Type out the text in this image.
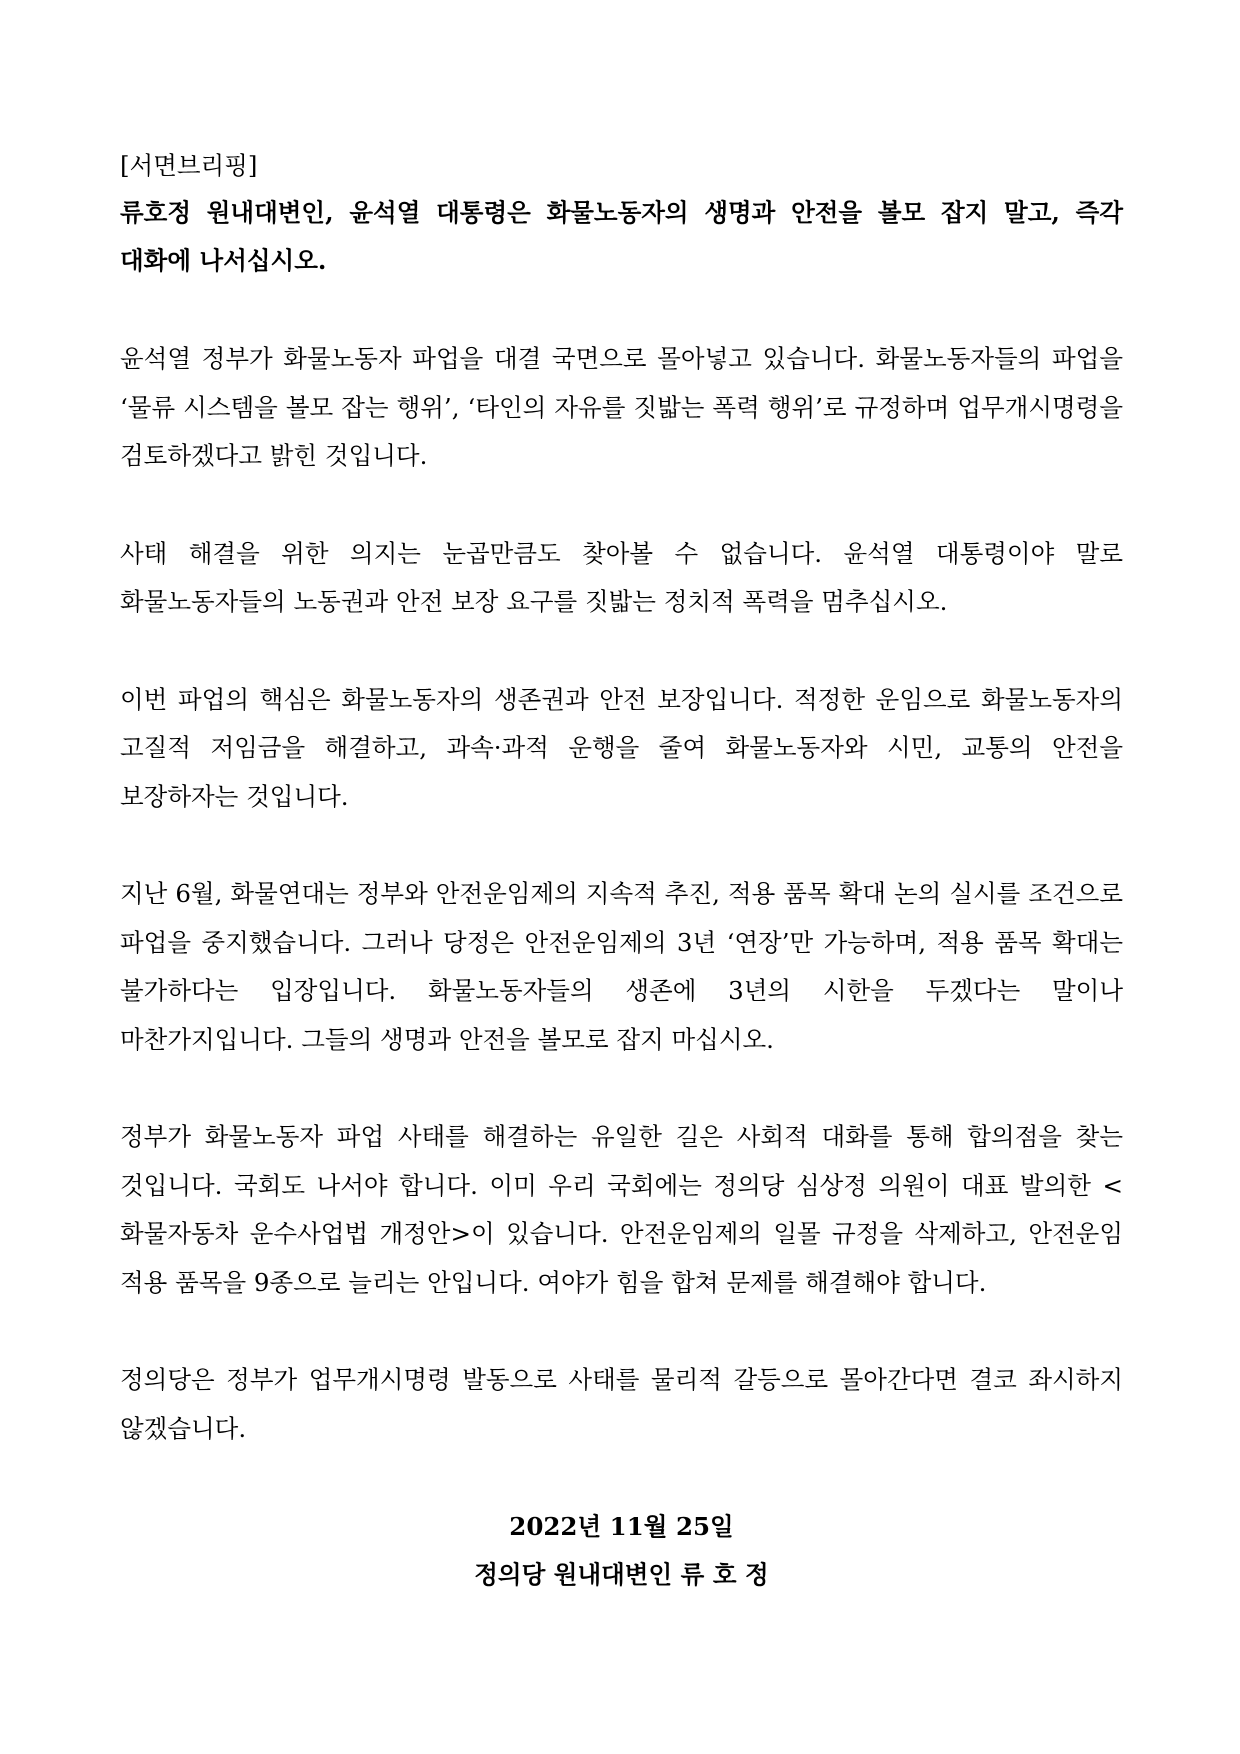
[서면브리핑]

류호정 원내대변인, 윤석열 대통령은 화물노동자의 생명과 안전을 볼모 잡지 말고, 즉각 대화에 나서십시오.

윤석열 정부가 화물노동자 파업을 대결 국면으로 몰아넣고 있습니다. 화물노동자들의 파업을 ‘물류 시스템을 볼모 잡는 행위’, ‘타인의 자유를 짓밟는 폭력 행위’로 규정하며 업무개시명령을 검토하겠다고 밝힌 것입니다.

사태 해결을 위한 의지는 눈곱만큼도 찾아볼 수 없습니다. 윤석열 대통령이야 말로 화물노동자들의 노동권과 안전 보장 요구를 짓밟는 정치적 폭력을 멈추십시오.

이번 파업의 핵심은 화물노동자의 생존권과 안전 보장입니다. 적정한 운임으로 화물노동자의 고질적 저임금을 해결하고, 과속·과적 운행을 줄여 화물노동자와 시민, 교통의 안전을 보장하자는 것입니다.

지난 6월, 화물연대는 정부와 안전운임제의 지속적 추진, 적용 품목 확대 논의 실시를 조건으로 파업을 중지했습니다. 그러나 당정은 안전운임제의 3년 ‘연장’만 가능하며, 적용 품목 확대는 불가하다는 입장입니다. 화물노동자들의 생존에 3년의 시한을 두겠다는 말이나 마찬가지입니다. 그들의 생명과 안전을 볼모로 잡지 마십시오.

정부가 화물노동자 파업 사태를 해결하는 유일한 길은 사회적 대화를 통해 합의점을 찾는 것입니다. 국회도 나서야 합니다. 이미 우리 국회에는 정의당 심상정 의원이 대표 발의한 <화물자동차 운수사업법 개정안>이 있습니다. 안전운임제의 일몰 규정을 삭제하고, 안전운임 적용 품목을 9종으로 늘리는 안입니다. 여야가 힘을 합쳐 문제를 해결해야 합니다.

정의당은 정부가 업무개시명령 발동으로 사태를 물리적 갈등으로 몰아간다면 결코 좌시하지 않겠습니다.

2022년 11월 25일

정의당 원내대변인 류 호 정
